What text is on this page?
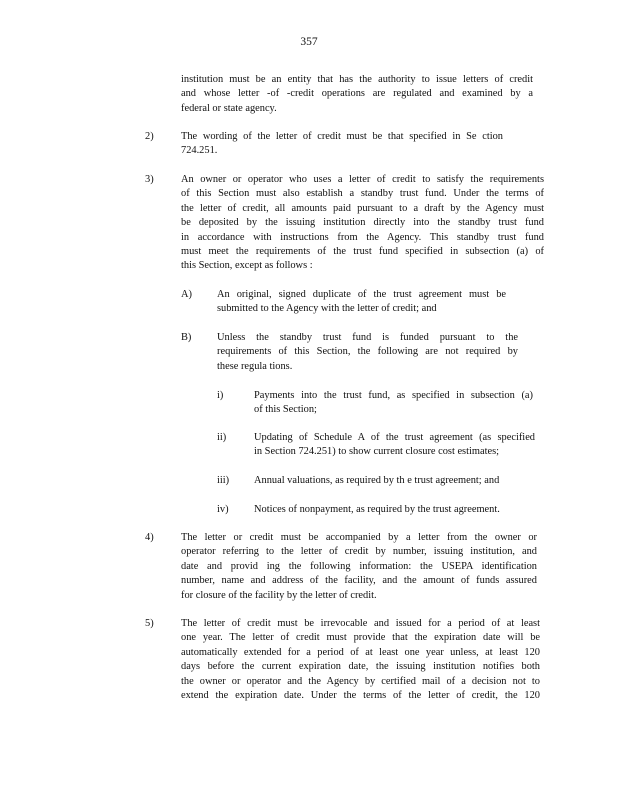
357
institution must be an entity that has the authority to issue letters of credit
and whose letter -of -credit operations are regulated and examined by a
federal or state agency.
2)	The wording of the letter of credit must be that specified in Se ction
724.251.
3)	An owner or operator who uses a letter of credit to satisfy the requirements
of this Section must also establish a standby trust fund. Under the terms of
the letter of credit, all amounts paid pursuant to a draft by the Agency must
be deposited by the issuing institution directly into the standby trust fund
in accordance with instructions from the Agency. This standby trust fund
must meet the requirements of the trust fund specified in subsection (a) of
this Section, except as follows :
A) An original, signed duplicate of the trust agreement must be
submitted to the Agency with the letter of credit; and
B) Unless the standby trust fund is funded pursuant to the
requirements of this Section, the following are not required by
these regula tions.
i)	Payments into the trust fund, as specified in subsection (a)
of this Section;
ii)	Updating of Schedule A of the trust agreement (as specified
in Section 724.251) to show current closure cost estimates;
iii) Annual valuations, as required by th e trust agreement; and
iv) Notices of nonpayment, as required by the trust agreement.
4)	The letter or credit must be accompanied by a letter from the owner or
operator referring to the letter of credit by number, issuing institution, and
date and provid ing the following information: the USEPA identification
number, name and address of the facility, and the amount of funds assured
for closure of the facility by the letter of credit.
5)	The letter of credit must be irrevocable and issued for a period of at least
one year. The letter of credit must provide that the expiration date will be
automatically extended for a period of at least one year unless, at least 120
days before the current expiration date, the issuing institution notifies both
the owner or operator and the Agency by certified mail of a decision not to
extend the expiration date. Under the terms of the letter of credit, the 120
